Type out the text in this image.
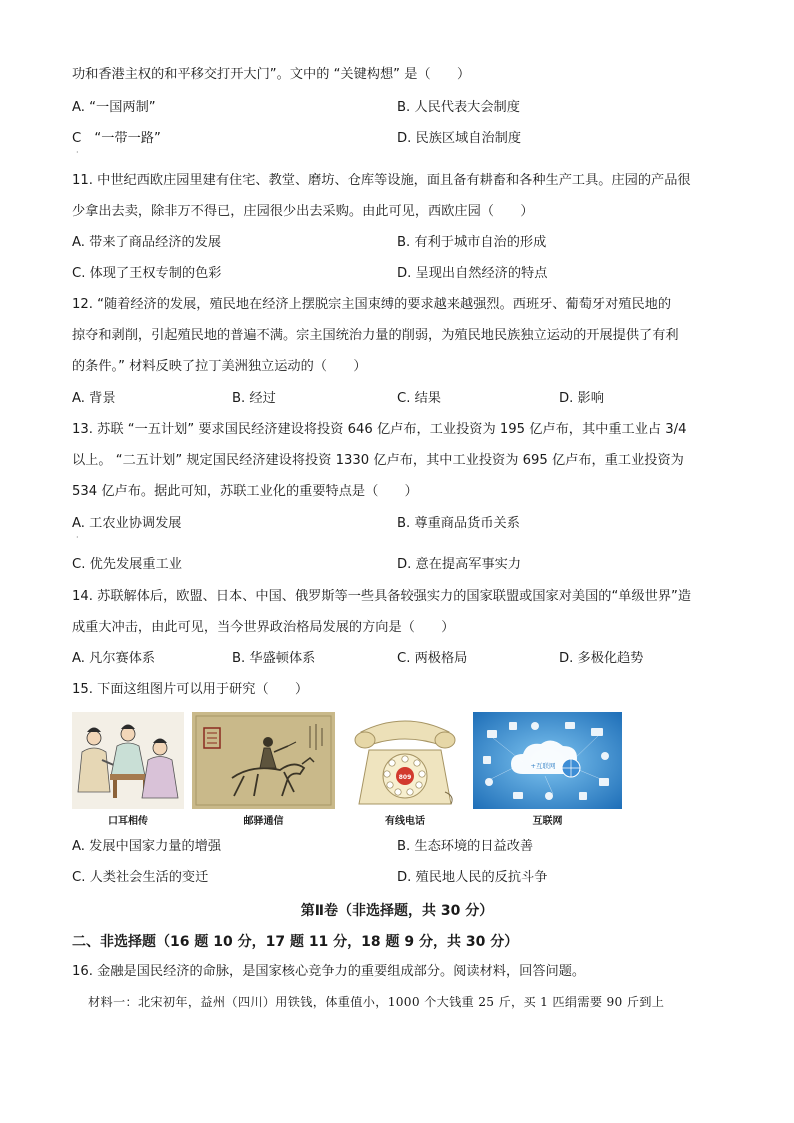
功和香港主权的和平移交打开大门”。文中的 “关键构想” 是（　　）
A. “一国两制”	B. 人民代表大会制度
C　“一带一路”	D. 民族区域自治制度
·
11. 中世纪西欧庄园里建有住宅、教堂、磨坊、仓库等设施，面且备有耕畜和各种生产工具。庄园的产品很
少拿出去卖，除非万不得已，庄园很少出去采购。由此可见，西欧庄园（　　）
A. 带来了商品经济的发展	B. 有利于城市自治的形成
C. 体现了王权专制的色彩	D. 呈现出自然经济的特点
12. “随着经济的发展，殖民地在经济上摆脱宗主国束缚的要求越来越强烈。西班牙、葡萄牙对殖民地的
掠夺和剥削，引起殖民地的普遍不满。宗主国统治力量的削弱，为殖民地民族独立运动的开展提供了有利
的条件。” 材料反映了拉丁美洲独立运动的（　　）
A. 背景	B. 经过	C. 结果	D. 影响
13. 苏联 “一五计划” 要求国民经济建设将投资 646 亿卢布，工业投资为 195 亿卢布，其中重工业占 3/4
以上。 “二五计划” 规定国民经济建设将投资 1330 亿卢布，其中工业投资为 695 亿卢布，重工业投资为
534 亿卢布。据此可知，苏联工业化的重要特点是（　　）
A. 工农业协调发展	B. 尊重商品货币关系
·
C. 优先发展重工业	D. 意在提高军事实力
14. 苏联解体后，欧盟、日本、中国、俄罗斯等一些具备较强实力的国家联盟或国家对美国的“单级世界”造
成重大冲击，由此可见，当今世界政治格局发展的方向是（　　）
A. 凡尔赛体系	B. 华盛顿体系	C. 两极格局	D. 多极化趋势
15. 下面这组图片可以用于研究（　　）
809
+互联网
口耳相传	邮驿通信	有线电话	互联网
A. 发展中国家力量的增强	B. 生态环境的日益改善
C. 人类社会生活的变迁	D. 殖民地人民的反抗斗争
第Ⅱ卷（非选择题，共 30 分）
二、非选择题（16 题 10 分，17 题 11 分，18 题 9 分，共 30 分）
16. 金融是国民经济的命脉，是国家核心竞争力的重要组成部分。阅读材料，回答问题。
材料一：北宋初年，益州（四川）用铁钱，体重值小，1000 个大钱重 25 斤，买 1 匹绢需要 90 斤到上
